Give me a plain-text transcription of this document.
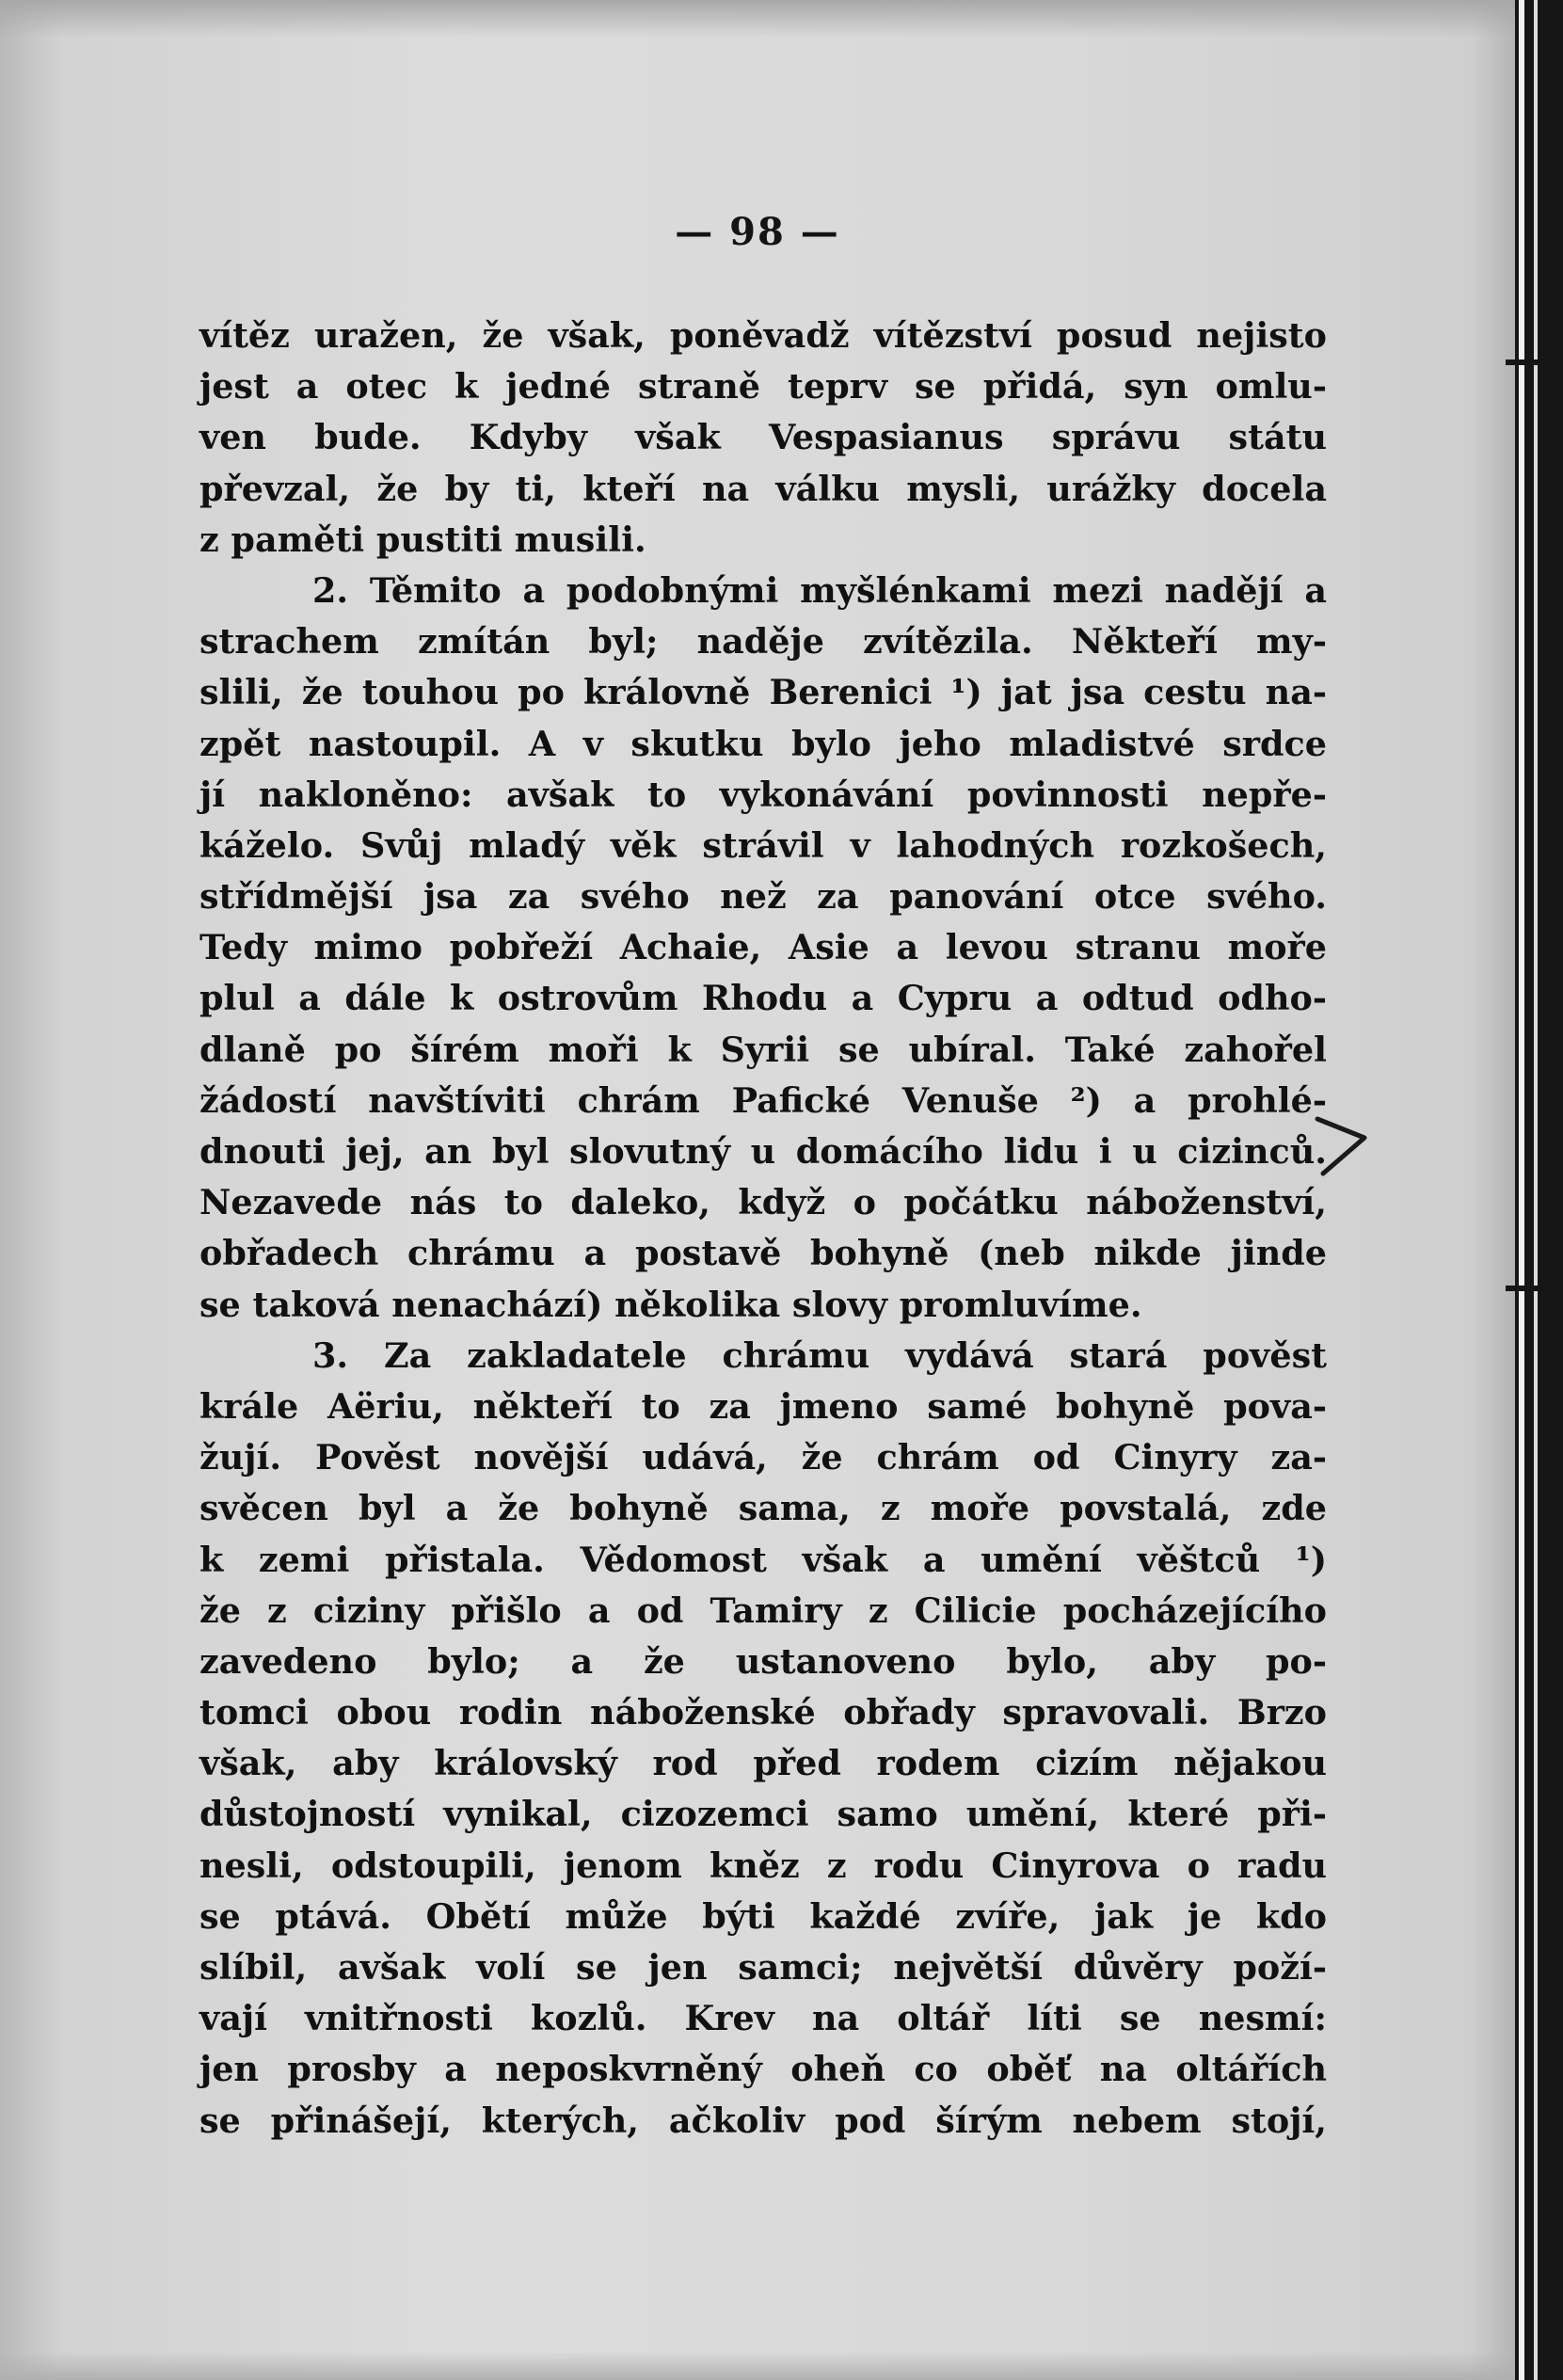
— 98 —
vítěz uražen, že však, poněvadž vítězství posud nejisto
jest a otec k jedné straně teprv se přidá, syn omlu-
ven bude. Kdyby však Vespasianus správu státu
převzal, že by ti, kteří na válku mysli, urážky docela
z paměti pustiti musili.
2. Těmito a podobnými myšlénkami mezi nadějí a
strachem zmítán byl; naděje zvítězila. Někteří my-
slili, že touhou po královně Berenici ¹) jat jsa cestu na-
zpět nastoupil. A v skutku bylo jeho mladistvé srdce
jí nakloněno: avšak to vykonávání povinnosti nepře-
káželo. Svůj mladý věk strávil v lahodných rozkošech,
střídmější jsa za svého než za panování otce svého.
Tedy mimo pobřeží Achaie, Asie a levou stranu moře
plul a dále k ostrovům Rhodu a Cypru a odtud odho-
dlaně po šírém moři k Syrii se ubíral. Také zahořel
žádostí navštíviti chrám Pafické Venuše ²) a prohlé-
dnouti jej, an byl slovutný u domácího lidu i u cizinců.
Nezavede nás to daleko, když o počátku náboženství,
obřadech chrámu a postavě bohyně (neb nikde jinde
se taková nenachází) několika slovy promluvíme.
3. Za zakladatele chrámu vydává stará pověst
krále Aëriu, někteří to za jmeno samé bohyně pova-
žují. Pověst novější udává, že chrám od Cinyry za-
svěcen byl a že bohyně sama, z moře povstalá, zde
k zemi přistala. Vědomost však a umění věštců ¹)
že z ciziny přišlo a od Tamiry z Cilicie pocházejícího
zavedeno bylo; a že ustanoveno bylo, aby po-
tomci obou rodin náboženské obřady spravovali. Brzo
však, aby královský rod před rodem cizím nějakou
důstojností vynikal, cizozemci samo umění, které při-
nesli, odstoupili, jenom kněz z rodu Cinyrova o radu
se ptává. Obětí může býti každé zvíře, jak je kdo
slíbil, avšak volí se jen samci; největší důvěry poží-
vají vnitřnosti kozlů. Krev na oltář líti se nesmí:
jen prosby a neposkvrněný oheň co oběť na oltářích
se přinášejí, kterých, ačkoliv pod šírým nebem stojí,
